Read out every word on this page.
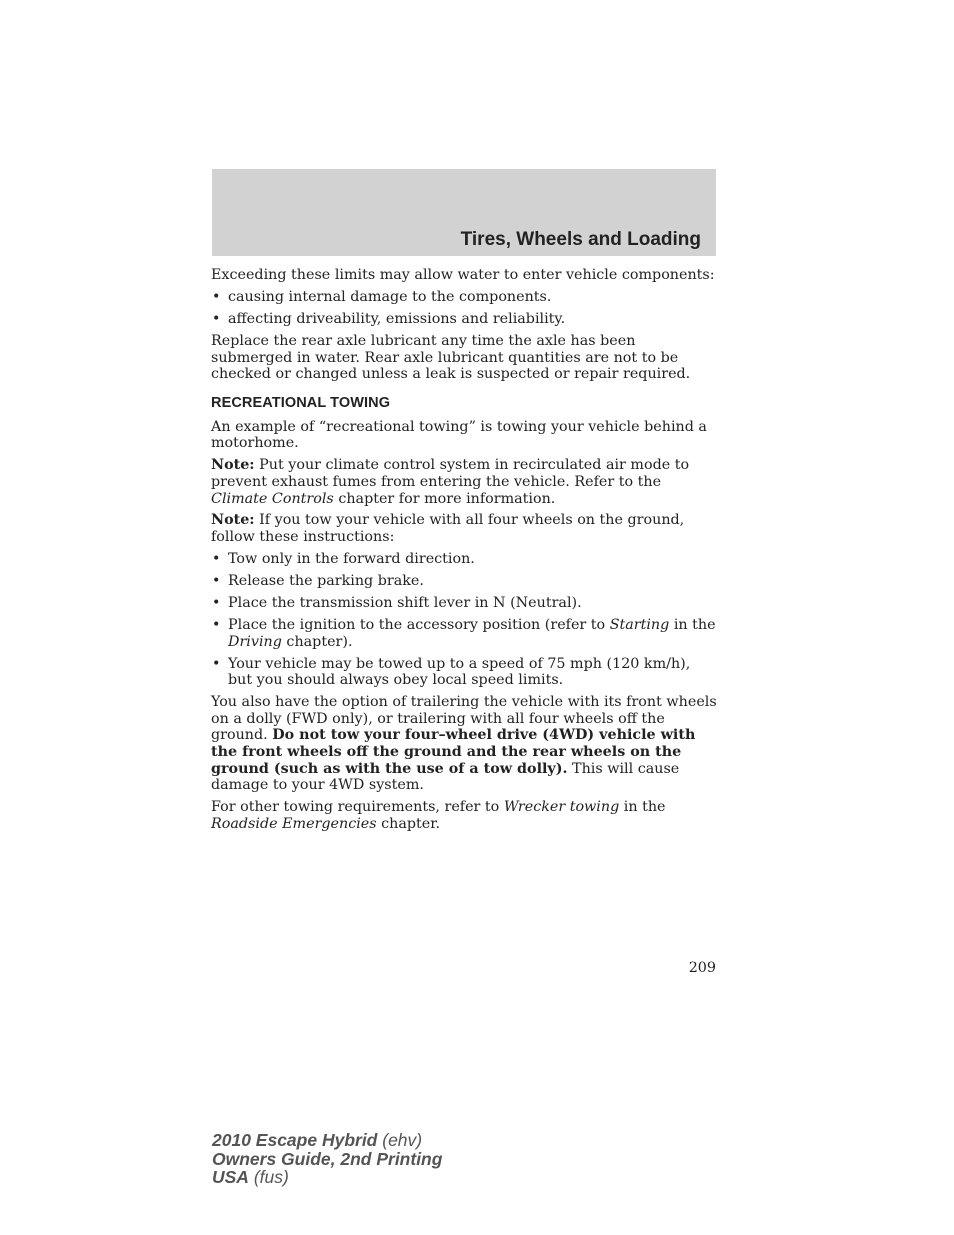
Tires, Wheels and Loading

Exceeding these limits may allow water to enter vehicle components:

• causing internal damage to the components.
• affecting driveability, emissions and reliability.

Replace the rear axle lubricant any time the axle has been submerged in water. Rear axle lubricant quantities are not to be checked or changed unless a leak is suspected or repair required.

RECREATIONAL TOWING

An example of “recreational towing” is towing your vehicle behind a motorhome.

Note: Put your climate control system in recirculated air mode to prevent exhaust fumes from entering the vehicle. Refer to the Climate Controls chapter for more information.

Note: If you tow your vehicle with all four wheels on the ground, follow these instructions:

• Tow only in the forward direction.
• Release the parking brake.
• Place the transmission shift lever in N (Neutral).
• Place the ignition to the accessory position (refer to Starting in the Driving chapter).
• Your vehicle may be towed up to a speed of 75 mph (120 km/h), but you should always obey local speed limits.

You also have the option of trailering the vehicle with its front wheels on a dolly (FWD only), or trailering with all four wheels off the ground. Do not tow your four–wheel drive (4WD) vehicle with the front wheels off the ground and the rear wheels on the ground (such as with the use of a tow dolly). This will cause damage to your 4WD system.

For other towing requirements, refer to Wrecker towing in the Roadside Emergencies chapter.

209
2010 Escape Hybrid (ehv)
Owners Guide, 2nd Printing
USA (fus)
